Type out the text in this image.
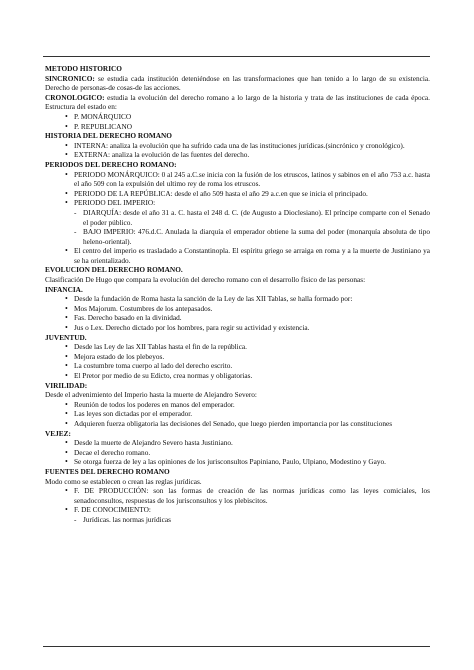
METODO HISTORICO

SINCRONICO: se estudia cada institución deteniéndose en las transformaciones que han tenido a lo largo de su existencia. Derecho de personas-de cosas-de las acciones.

CRONOLOGICO: estudia la evolución del derecho romano a lo largo de la historia y trata de las instituciones de cada época. Estructura del estado en:

• P. MONÁRQUICO
• P. REPUBLICANO

HISTORIA DEL DERECHO ROMANO

• INTERNA: analiza la evolución que ha sufrido cada una de las instituciones jurídicas.(sincrónico y cronológico).
• EXTERNA: analiza la evolución de las fuentes del derecho.

PERIODOS DEL DERECHO ROMANO:

• PERIODO MONÁRQUICO: 0 al 245 a.C.se inicia con la fusión de los etruscos, latinos y sabinos en el año 753 a.c. hasta el año 509 con la expulsión del ultimo rey de roma los etruscos.
• PERIODO DE LA REPÚBLICA: desde el año 509 hasta el año 29 a.c.en que se inicia el principado.
• PERIODO DEL IMPERIO:
- DIARQUÍA: desde el año 31 a. C. hasta el 248 d. C. (de Augusto a Dioclesiano). El príncipe comparte con el Senado el poder público.
- BAJO IMPERIO: 476.d.C. Anulada la diarquía el emperador obtiene la suma del poder (monarquía absoluta de tipo heleno-oriental).
• El centro del imperio es trasladado a Constantinopla. El espíritu griego se arraiga en roma y a la muerte de Justiniano ya se ha orientalizado.

EVOLUCION DEL DERECHO ROMANO.

Clasificación De Hugo que compara la evolución del derecho romano con el desarrollo físico de las personas:

INFANCIA.

• Desde la fundación de Roma hasta la sanción de la Ley de las XII Tablas, se halla formado por:
• Mos Majorum. Costumbres de los antepasados.
• Fas. Derecho basado en la divinidad.
• Jus o Lex. Derecho dictado por los hombres, para regir su actividad y existencia.

JUVENTUD.

• Desde las Ley de las XII Tablas hasta el fin de la república.
• Mejora estado de los plebeyos.
• La costumbre toma cuerpo al lado del derecho escrito.
• El Pretor por medio de su Edicto, crea normas y obligatorias.

VIRILIDAD:

Desde el advenimiento del Imperio hasta la muerte de Alejandro Severo:

• Reunión de todos los poderes en manos del emperador.
• Las leyes son dictadas por el emperador.
• Adquieren fuerza obligatoria las decisiones del Senado, que luego pierden importancia por las constituciones

VEJEZ:

• Desde la muerte de Alejandro Severo hasta Justiniano.
• Decae el derecho romano.
• Se otorga fuerza de ley a las opiniones de los jurisconsultos Papiniano, Paulo, Ulpiano, Modestino y Gayo.

FUENTES DEL DERECHO ROMANO

Modo como se establecen o crean las reglas jurídicas.

• F. DE PRODUCCIÓN: son las formas de creación de las normas jurídicas como las leyes comiciales, los senadoconsultos, respuestas de los jurisconsultos y los plebiscitos.
• F. DE CONOCIMIENTO:
- Jurídicas. las normas jurídicas
